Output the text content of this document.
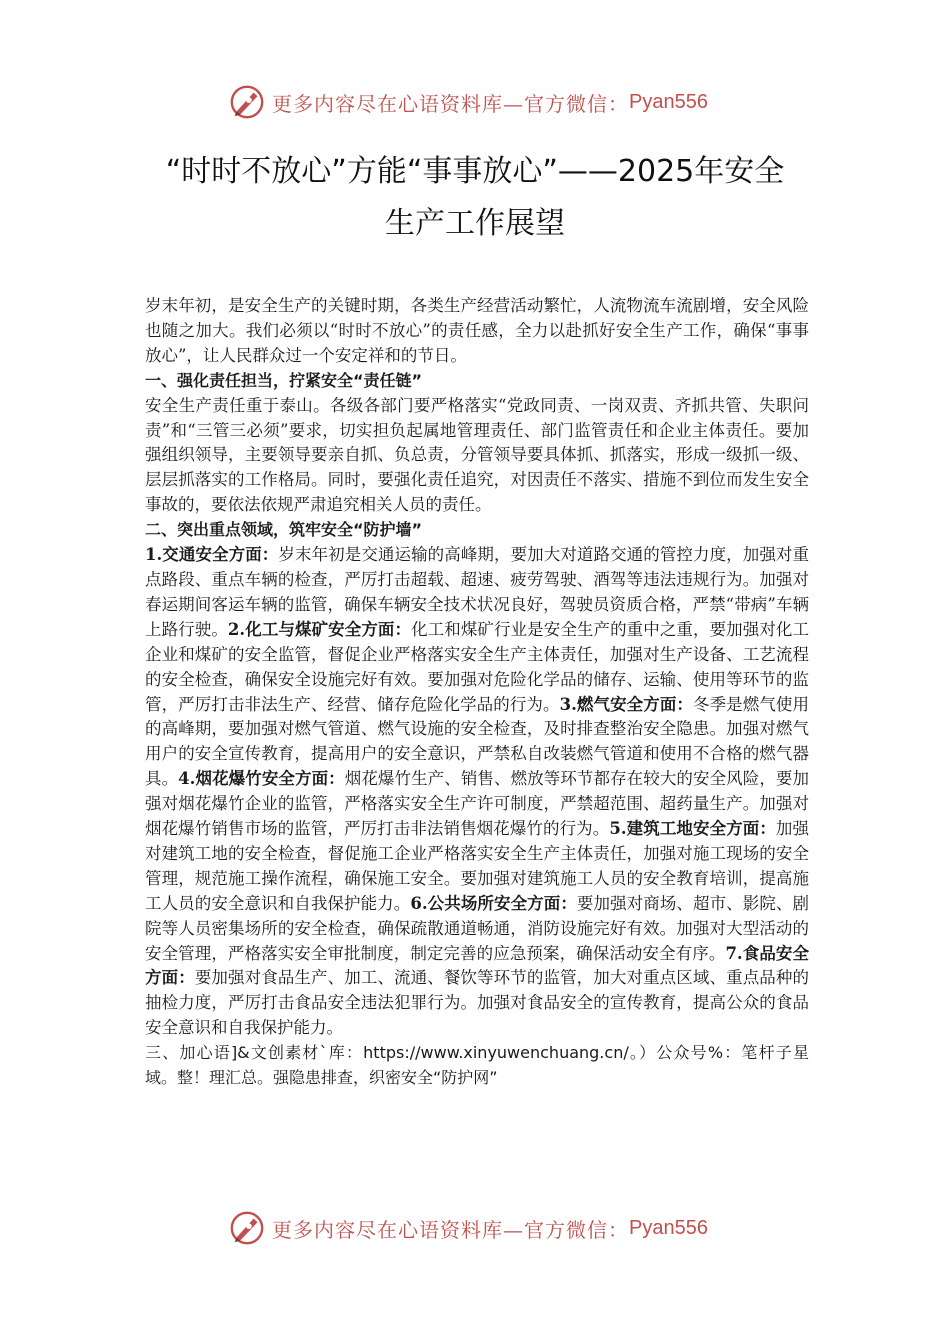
更多内容尽在心语资料库—官方微信： Pyan556
“时时不放心”方能“事事放心”——2025年安全
生产工作展望

岁末年初，是安全生产的关键时期，各类生产经营活动繁忙，人流物流车流剧增，安全风险也随之加大。我们必须以“时时不放心”的责任感，全力以赴抓好安全生产工作，确保“事事放心”，让人民群众过一个安定祥和的节日。

一、强化责任担当，拧紧安全“责任链”

安全生产责任重于泰山。各级各部门要严格落实“党政同责、一岗双责、齐抓共管、失职问责”和“三管三必须”要求，切实担负起属地管理责任、部门监管责任和企业主体责任。要加强组织领导，主要领导要亲自抓、负总责，分管领导要具体抓、抓落实，形成一级抓一级、层层抓落实的工作格局。同时，要强化责任追究，对因责任不落实、措施不到位而发生安全事故的，要依法依规严肃追究相关人员的责任。

二、突出重点领域，筑牢安全“防护墙”

1.交通安全方面：岁末年初是交通运输的高峰期，要加大对道路交通的管控力度，加强对重点路段、重点车辆的检查，严厉打击超载、超速、疲劳驾驶、酒驾等违法违规行为。加强对春运期间客运车辆的监管，确保车辆安全技术状况良好，驾驶员资质合格，严禁“带病”车辆上路行驶。2.化工与煤矿安全方面：化工和煤矿行业是安全生产的重中之重，要加强对化工企业和煤矿的安全监管，督促企业严格落实安全生产主体责任，加强对生产设备、工艺流程的安全检查，确保安全设施完好有效。要加强对危险化学品的储存、运输、使用等环节的监管，严厉打击非法生产、经营、储存危险化学品的行为。3.燃气安全方面：冬季是燃气使用的高峰期，要加强对燃气管道、燃气设施的安全检查，及时排查整治安全隐患。加强对燃气用户的安全宣传教育，提高用户的安全意识，严禁私自改装燃气管道和使用不合格的燃气器具。4.烟花爆竹安全方面：烟花爆竹生产、销售、燃放等环节都存在较大的安全风险，要加强对烟花爆竹企业的监管，严格落实安全生产许可制度，严禁超范围、超药量生产。加强对烟花爆竹销售市场的监管，严厉打击非法销售烟花爆竹的行为。5.建筑工地安全方面：加强对建筑工地的安全检查，督促施工企业严格落实安全生产主体责任，加强对施工现场的安全管理，规范施工操作流程，确保施工安全。要加强对建筑施工人员的安全教育培训，提高施工人员的安全意识和自我保护能力。6.公共场所安全方面：要加强对商场、超市、影院、剧院等人员密集场所的安全检查，确保疏散通道畅通，消防设施完好有效。加强对大型活动的安全管理，严格落实安全审批制度，制定完善的应急预案，确保活动安全有序。7.食品安全方面：要加强对食品生产、加工、流通、餐饮等环节的监管，加大对重点区域、重点品种的抽检力度，严厉打击食品安全违法犯罪行为。加强对食品安全的宣传教育，提高公众的食品安全意识和自我保护能力。

三、加心语]&文创素材`库：https://www.xinyuwenchuang.cn/。）公众号%：笔杆子星域。整！理汇总。强隐患排查，织密安全“防护网”

更多内容尽在心语资料库—官方微信： Pyan556
